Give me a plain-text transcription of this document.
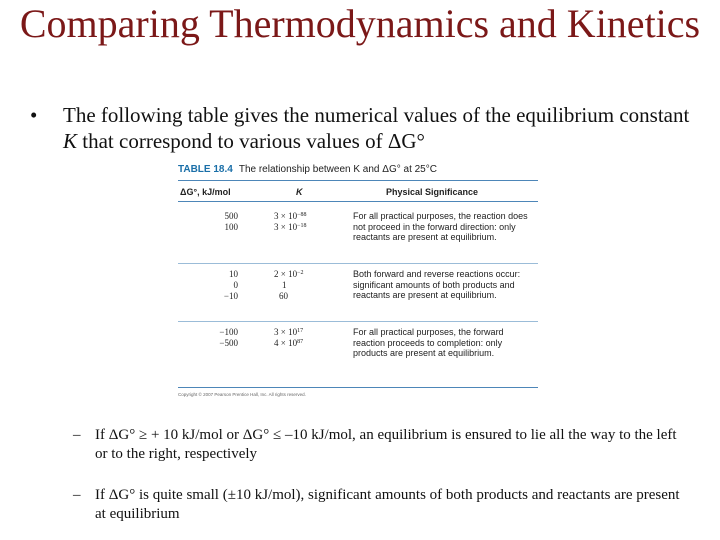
Comparing Thermodynamics and Kinetics
• The following table gives the numerical values of the equilibrium constant K that correspond to various values of ΔG°
TABLE 18.4 The relationship between K and ΔG° at 25°C
ΔG°, kJ/mol	K	Physical Significance
500	$3 \times 10^{-88}$
100	$3 \times 10^{-18}$
For all practical purposes, the reaction does not proceed in the forward direction: only reactants are present at equilibrium.
10	$2 \times 10^{-2}$
0	1
−10	60
Both forward and reverse reactions occur: significant amounts of both products and reactants are present at equilibrium.
−100	$3 \times 10^{17}$
−500	$4 \times 10^{87}$
For all practical purposes, the forward reaction proceeds to completion: only products are present at equilibrium.
Copyright © 2007 Pearson Prentice Hall, Inc. All rights reserved.
– If ΔG° ≥ + 10 kJ/mol or ΔG° ≤ –10 kJ/mol, an equilibrium is ensured to lie all the way to the left or to the right, respectively
– If ΔG° is quite small (±10 kJ/mol), significant amounts of both products and reactants are present at equilibrium
